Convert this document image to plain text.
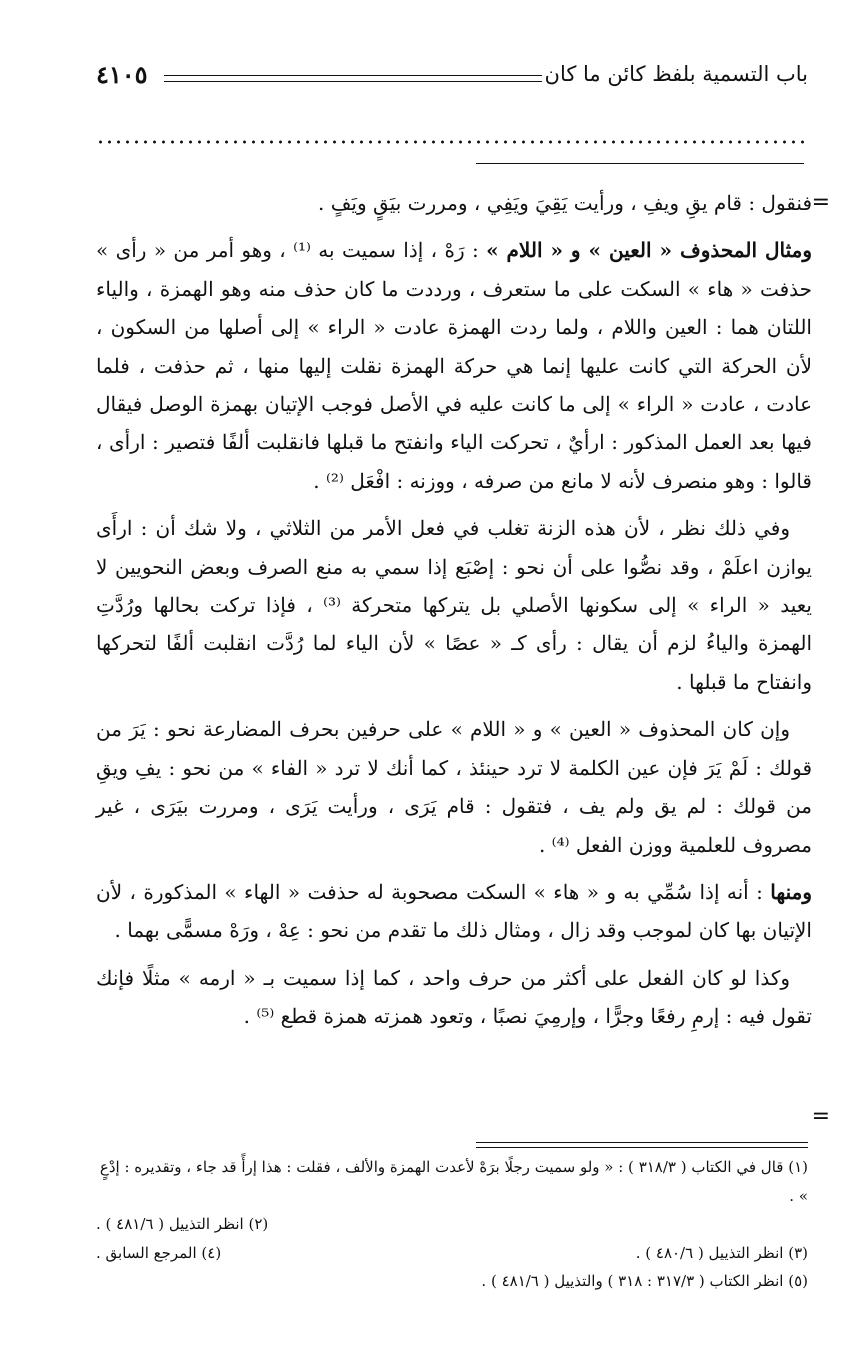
باب التسمية بلفظ كائن ما كان
٤١٠٥
=
=

فنقول : قام يقِ ويفِ ، ورأيت يَقِيَ ويَفِي ، ومررت بيَقٍ ويَفٍ .

ومثال المحذوف « العين » و « اللام » : رَهْ ، إذا سميت به ⁽¹⁾ ، وهو أمر من « رأى » حذفت « هاء » السكت على ما ستعرف ، ورددت ما كان حذف منه وهو الهمزة ، والياء اللتان هما : العين واللام ، ولما ردت الهمزة عادت « الراء » إلى أصلها من السكون ، لأن الحركة التي كانت عليها إنما هي حركة الهمزة نقلت إليها منها ، ثم حذفت ، فلما عادت ، عادت « الراء » إلى ما كانت عليه في الأصل فوجب الإتيان بهمزة الوصل فيقال فيها بعد العمل المذكور : ارأيٌ ، تحركت الياء وانفتح ما قبلها فانقلبت ألفًا فتصير : ارأى ، قالوا : وهو منصرف لأنه لا مانع من صرفه ، ووزنه : افْعَل ⁽²⁾ .

وفي ذلك نظر ، لأن هذه الزنة تغلب في فعل الأمر من الثلاثي ، ولا شك أن : ارأَى يوازن اعلَمْ ، وقد نصُّوا على أن نحو : إصْبَع إذا سمي به منع الصرف وبعض النحويين لا يعيد « الراء » إلى سكونها الأصلي بل يتركها متحركة ⁽³⁾ ، فإذا تركت بحالها ورُدَّتِ الهمزة والياءُ لزم أن يقال : رأى كـ « عصًا » لأن الياء لما رُدَّت انقلبت ألفًا لتحركها وانفتاح ما قبلها .

وإن كان المحذوف « العين » و « اللام » على حرفين بحرف المضارعة نحو : يَرَ من قولك : لَمْ يَرَ فإن عين الكلمة لا ترد حينئذ ، كما أنك لا ترد « الفاء » من نحو : يفِ ويقِ من قولك : لم يق ولم يف ، فتقول : قام يَرَى ، ورأيت يَرَى ، ومررت بيَرَى ، غير مصروف للعلمية ووزن الفعل ⁽⁴⁾ .

ومنها : أنه إذا سُمِّي به و « هاء » السكت مصحوبة له حذفت « الهاء » المذكورة ، لأن الإتيان بها كان لموجب وقد زال ، ومثال ذلك ما تقدم من نحو : عِهْ ، ورَهْ مسمًّى بهما .

وكذا لو كان الفعل على أكثر من حرف واحد ، كما إذا سميت بـ « ارمه » مثلًا فإنك تقول فيه : إرمِ رفعًا وجرًّا ، وإرمِيَ نصبًا ، وتعود همزته همزة قطع ⁽⁵⁾ .

(١) قال في الكتاب ( ٣١٨/٣ ) : « ولو سميت رجلًا برَهْ لأعدت الهمزة والألف ، فقلت : هذا إرأً قد جاء ، وتقديره : إدْعٍ » .
(٢) انظر التذييل ( ٤٨١/٦ ) .
(٣) انظر التذييل ( ٤٨٠/٦ ) .
(٤) المرجع السابق .
(٥) انظر الكتاب ( ٣١٧/٣ : ٣١٨ ) والتذييل ( ٤٨١/٦ ) .
